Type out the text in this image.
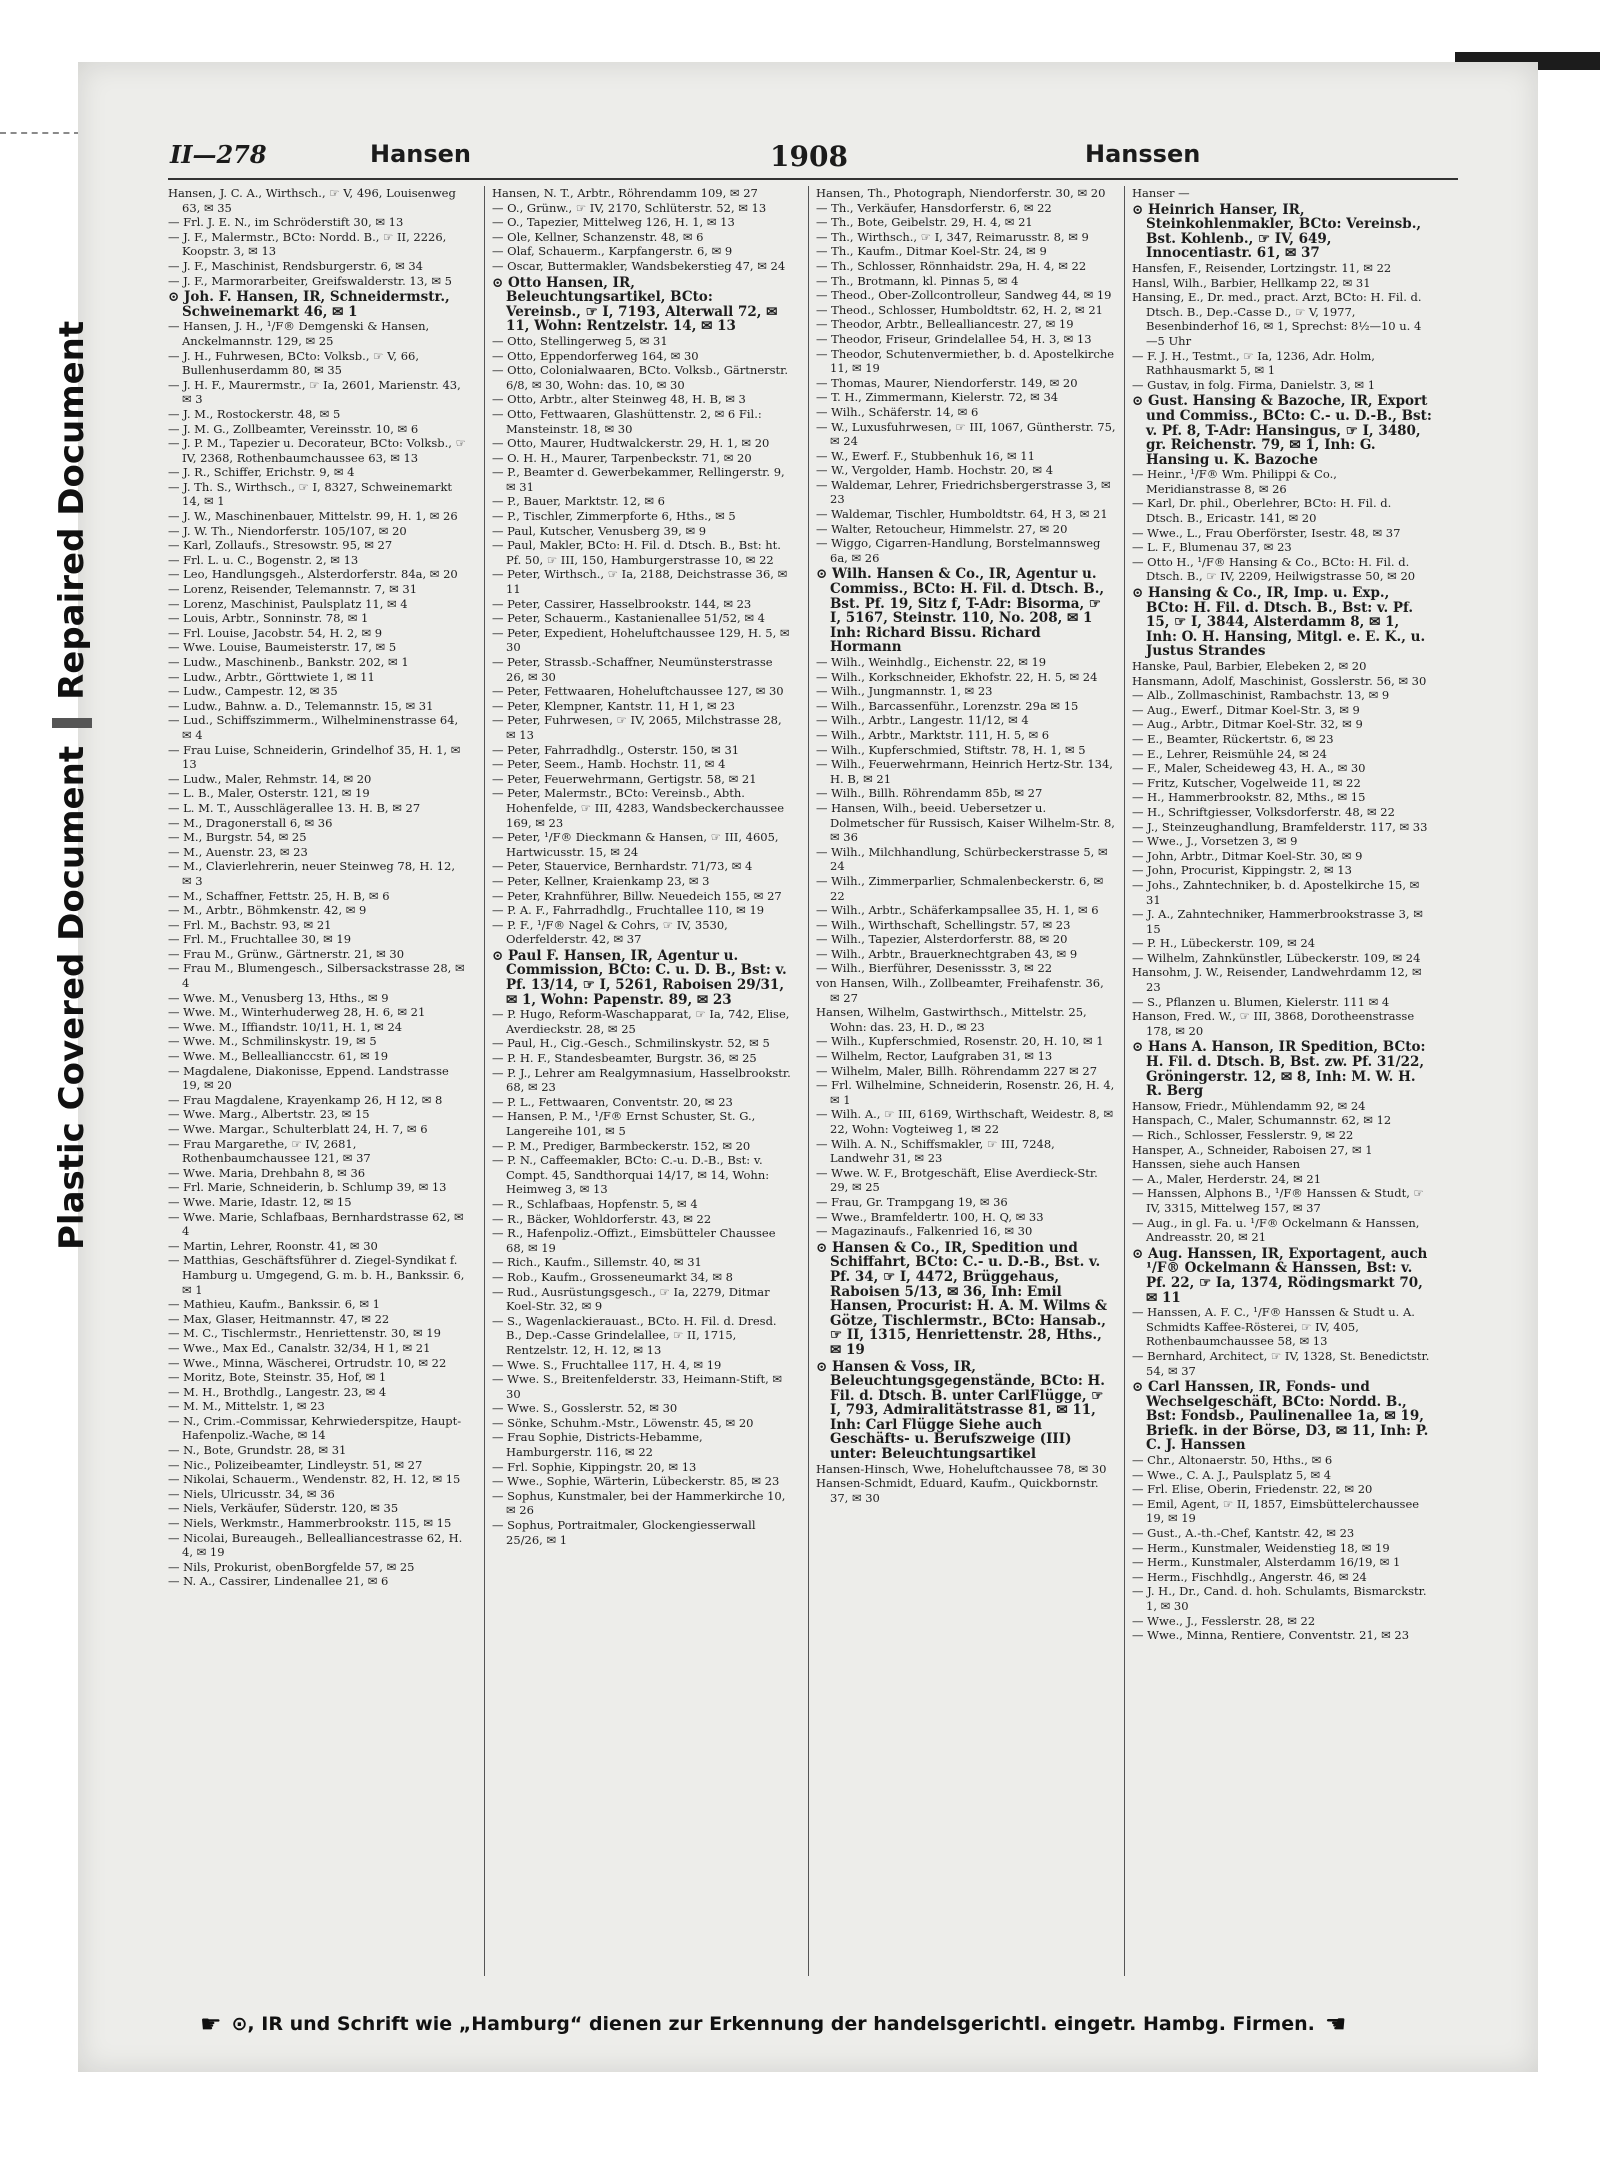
Plastic Covered Document
Repaired Document
II—278	Hansen	1908	Hanssen

Hansen, J. C. A., Wirthsch., ☞ V, 496, Louisenweg 63, ✉ 35

— Frl. J. E. N., im Schröderstift 30, ✉ 13

— J. F., Malermstr., BCto: Nordd. B., ☞ II, 2226, Koopstr. 3, ✉ 13

— J. F., Maschinist, Rendsburgerstr. 6, ✉ 34

— J. F., Marmorarbeiter, Greifswalderstr. 13, ✉ 5

⊙ Joh. F. Hansen, IR, Schneidermstr., Schweinemarkt 46, ✉ 1

— Hansen, J. H., ¹/F® Demgenski & Hansen, Anckelmannstr. 129, ✉ 25

— J. H., Fuhrwesen, BCto: Volksb., ☞ V, 66, Bullenhuserdamm 80, ✉ 35

— J. H. F., Maurermstr., ☞ Ia, 2601, Marienstr. 43, ✉ 3

— J. M., Rostockerstr. 48, ✉ 5

— J. M. G., Zollbeamter, Vereinsstr. 10, ✉ 6

— J. P. M., Tapezier u. Decorateur, BCto: Volksb., ☞ IV, 2368, Rothenbaumchaussee 63, ✉ 13

— J. R., Schiffer, Erichstr. 9, ✉ 4

— J. Th. S., Wirthsch., ☞ I, 8327, Schweinemarkt 14, ✉ 1

— J. W., Maschinenbauer, Mittelstr. 99, H. 1, ✉ 26

— J. W. Th., Niendorferstr. 105/107, ✉ 20

— Karl, Zollaufs., Stresowstr. 95, ✉ 27

— Frl. L. u. C., Bogenstr. 2, ✉ 13

— Leo, Handlungsgeh., Alsterdorferstr. 84a, ✉ 20

— Lorenz, Reisender, Telemannstr. 7, ✉ 31

— Lorenz, Maschinist, Paulsplatz 11, ✉ 4

— Louis, Arbtr., Sonninstr. 78, ✉ 1

— Frl. Louise, Jacobstr. 54, H. 2, ✉ 9

— Wwe. Louise, Baumeisterstr. 17, ✉ 5

— Ludw., Maschinenb., Bankstr. 202, ✉ 1

— Ludw., Arbtr., Görttwiete 1, ✉ 11

— Ludw., Campestr. 12, ✉ 35

— Ludw., Bahnw. a. D., Telemannstr. 15, ✉ 31

— Lud., Schiffszimmerm., Wilhelminenstrasse 64, ✉ 4

— Frau Luise, Schneiderin, Grindelhof 35, H. 1, ✉ 13

— Ludw., Maler, Rehmstr. 14, ✉ 20

— L. B., Maler, Osterstr. 121, ✉ 19

— L. M. T., Ausschlägerallee 13. H. B, ✉ 27

— M., Dragonerstall 6, ✉ 36

— M., Burgstr. 54, ✉ 25

— M., Auenstr. 23, ✉ 23

— M., Clavierlehrerin, neuer Steinweg 78, H. 12, ✉ 3

— M., Schaffner, Fettstr. 25, H. B, ✉ 6

— M., Arbtr., Böhmkenstr. 42, ✉ 9

— Frl. M., Bachstr. 93, ✉ 21

— Frl. M., Fruchtallee 30, ✉ 19

— Frau M., Grünw., Gärtnerstr. 21, ✉ 30

— Frau M., Blumengesch., Silbersackstrasse 28, ✉ 4

— Wwe. M., Venusberg 13, Hths., ✉ 9

— Wwe. M., Winterhuderweg 28, H. 6, ✉ 21

— Wwe. M., Iffiandstr. 10/11, H. 1, ✉ 24

— Wwe. M., Schmilinskystr. 19, ✉ 5

— Wwe. M., Belleallianccstr. 61, ✉ 19

— Magdalene, Diakonisse, Eppend. Landstrasse 19, ✉ 20

— Frau Magdalene, Krayenkamp 26, H 12, ✉ 8

— Wwe. Marg., Albertstr. 23, ✉ 15

— Wwe. Margar., Schulterblatt 24, H. 7, ✉ 6

— Frau Margarethe, ☞ IV, 2681, Rothenbaumchaussee 121, ✉ 37

— Wwe. Maria, Drehbahn 8, ✉ 36

— Frl. Marie, Schneiderin, b. Schlump 39, ✉ 13

— Wwe. Marie, Idastr. 12, ✉ 15

— Wwe. Marie, Schlafbaas, Bernhardstrasse 62, ✉ 4

— Martin, Lehrer, Roonstr. 41, ✉ 30

— Matthias, Geschäftsführer d. Ziegel-Syndikat f. Hamburg u. Umgegend, G. m. b. H., Bankssir. 6, ✉ 1

— Mathieu, Kaufm., Bankssir. 6, ✉ 1

— Max, Glaser, Heitmannstr. 47, ✉ 22

— M. C., Tischlermstr., Henriettenstr. 30, ✉ 19

— Wwe., Max Ed., Canalstr. 32/34, H 1, ✉ 21

— Wwe., Minna, Wäscherei, Ortrudstr. 10, ✉ 22

— Moritz, Bote, Steinstr. 35, Hof, ✉ 1

— M. H., Brothdlg., Langestr. 23, ✉ 4

— M. M., Mittelstr. 1, ✉ 23

— N., Crim.-Commissar, Kehrwiederspitze, Haupt-Hafenpoliz.-Wache, ✉ 14

— N., Bote, Grundstr. 28, ✉ 31

— Nic., Polizeibeamter, Lindleystr. 51, ✉ 27

— Nikolai, Schauerm., Wendenstr. 82, H. 12, ✉ 15

— Niels, Ulricusstr. 34, ✉ 36

— Niels, Verkäufer, Süderstr. 120, ✉ 35

— Niels, Werkmstr., Hammerbrookstr. 115, ✉ 15

— Nicolai, Bureaugeh., Bellealliancestrasse 62, H. 4, ✉ 19

— Nils, Prokurist, obenBorgfelde 57, ✉ 25

— N. A., Cassirer, Lindenallee 21, ✉ 6

Hansen, N. T., Arbtr., Röhrendamm 109, ✉ 27

— O., Grünw., ☞ IV, 2170, Schlüterstr. 52, ✉ 13

— O., Tapezier, Mittelweg 126, H. 1, ✉ 13

— Ole, Kellner, Schanzenstr. 48, ✉ 6

— Olaf, Schauerm., Karpfangerstr. 6, ✉ 9

— Oscar, Buttermakler, Wandsbekerstieg 47, ✉ 24

⊙ Otto Hansen, IR, Beleuchtungsartikel, BCto: Vereinsb., ☞ I, 7193, Alterwall 72, ✉ 11, Wohn: Rentzelstr. 14, ✉ 13

— Otto, Stellingerweg 5, ✉ 31

— Otto, Eppendorferweg 164, ✉ 30

— Otto, Colonialwaaren, BCto. Volksb., Gärtnerstr. 6/8, ✉ 30, Wohn: das. 10, ✉ 30

— Otto, Arbtr., alter Steinweg 48, H. B, ✉ 3

— Otto, Fettwaaren, Glashüttenstr. 2, ✉ 6 Fil.: Mansteinstr. 18, ✉ 30

— Otto, Maurer, Hudtwalckerstr. 29, H. 1, ✉ 20

— O. H. H., Maurer, Tarpenbeckstr. 71, ✉ 20

— P., Beamter d. Gewerbekammer, Rellingerstr. 9, ✉ 31

— P., Bauer, Marktstr. 12, ✉ 6

— P., Tischler, Zimmerpforte 6, Hths., ✉ 5

— Paul, Kutscher, Venusberg 39, ✉ 9

— Paul, Makler, BCto: H. Fil. d. Dtsch. B., Bst: ht. Pf. 50, ☞ III, 150, Hamburgerstrasse 10, ✉ 22

— Peter, Wirthsch., ☞ Ia, 2188, Deichstrasse 36, ✉ 11

— Peter, Cassirer, Hasselbrookstr. 144, ✉ 23

— Peter, Schauerm., Kastanienallee 51/52, ✉ 4

— Peter, Expedient, Hoheluftchaussee 129, H. 5, ✉ 30

— Peter, Strassb.-Schaffner, Neumünsterstrasse 26, ✉ 30

— Peter, Fettwaaren, Hoheluftchaussee 127, ✉ 30

— Peter, Klempner, Kantstr. 11, H 1, ✉ 23

— Peter, Fuhrwesen, ☞ IV, 2065, Milchstrasse 28, ✉ 13

— Peter, Fahrradhdlg., Osterstr. 150, ✉ 31

— Peter, Seem., Hamb. Hochstr. 11, ✉ 4

— Peter, Feuerwehrmann, Gertigstr. 58, ✉ 21

— Peter, Malermstr., BCto: Vereinsb., Abth. Hohenfelde, ☞ III, 4283, Wandsbeckerchaussee 169, ✉ 23

— Peter, ¹/F® Dieckmann & Hansen, ☞ III, 4605, Hartwicusstr. 15, ✉ 24

— Peter, Stauervice, Bernhardstr. 71/73, ✉ 4

— Peter, Kellner, Kraienkamp 23, ✉ 3

— Peter, Krahnführer, Billw. Neuedeich 155, ✉ 27

— P. A. F., Fahrradhdlg., Fruchtallee 110, ✉ 19

— P. F., ¹/F® Nagel & Cohrs, ☞ IV, 3530, Oderfelderstr. 42, ✉ 37

⊙ Paul F. Hansen, IR, Agentur u. Commission, BCto: C. u. D. B., Bst: v. Pf. 13/14, ☞ I, 5261, Raboisen 29/31, ✉ 1, Wohn: Papenstr. 89, ✉ 23

— P. Hugo, Reform-Waschapparat, ☞ Ia, 742, Elise, Averdieckstr. 28, ✉ 25

— Paul, H., Cig.-Gesch., Schmilinskystr. 52, ✉ 5

— P. H. F., Standesbeamter, Burgstr. 36, ✉ 25

— P. J., Lehrer am Realgymnasium, Hasselbrookstr. 68, ✉ 23

— P. L., Fettwaaren, Conventstr. 20, ✉ 23

— Hansen, P. M., ¹/F® Ernst Schuster, St. G., Langereihe 101, ✉ 5

— P. M., Prediger, Barmbeckerstr. 152, ✉ 20

— P. N., Caffeemakler, BCto: C.-u. D.-B., Bst: v. Compt. 45, Sandthorquai 14/17, ✉ 14, Wohn: Heimweg 3, ✉ 13

— R., Schlafbaas, Hopfenstr. 5, ✉ 4

— R., Bäcker, Wohldorferstr. 43, ✉ 22

— R., Hafenpoliz.-Offizt., Eimsbütteler Chaussee 68, ✉ 19

— Rich., Kaufm., Sillemstr. 40, ✉ 31

— Rob., Kaufm., Grosseneumarkt 34, ✉ 8

— Rud., Ausrüstungsgesch., ☞ Ia, 2279, Ditmar Koel-Str. 32, ✉ 9

— S., Wagenlackierauast., BCto. H. Fil. d. Dresd. B., Dep.-Casse Grindelallee, ☞ II, 1715, Rentzelstr. 12, H. 12, ✉ 13

— Wwe. S., Fruchtallee 117, H. 4, ✉ 19

— Wwe. S., Breitenfelderstr. 33, Heimann-Stift, ✉ 30

— Wwe. S., Gosslerstr. 52, ✉ 30

— Sönke, Schuhm.-Mstr., Löwenstr. 45, ✉ 20

— Frau Sophie, Districts-Hebamme, Hamburgerstr. 116, ✉ 22

— Frl. Sophie, Kippingstr. 20, ✉ 13

— Wwe., Sophie, Wärterin, Lübeckerstr. 85, ✉ 23

— Sophus, Kunstmaler, bei der Hammerkirche 10, ✉ 26

— Sophus, Portraitmaler, Glockengiesserwall 25/26, ✉ 1

Hansen, Th., Photograph, Niendorferstr. 30, ✉ 20

— Th., Verkäufer, Hansdorferstr. 6, ✉ 22

— Th., Bote, Geibelstr. 29, H. 4, ✉ 21

— Th., Wirthsch., ☞ I, 347, Reimarusstr. 8, ✉ 9

— Th., Kaufm., Ditmar Koel-Str. 24, ✉ 9

— Th., Schlosser, Rönnhaidstr. 29a, H. 4, ✉ 22

— Th., Brotmann, kl. Pinnas 5, ✉ 4

— Theod., Ober-Zollcontrolleur, Sandweg 44, ✉ 19

— Theod., Schlosser, Humboldtstr. 62, H. 2, ✉ 21

— Theodor, Arbtr., Bellealliancestr. 27, ✉ 19

— Theodor, Friseur, Grindelallee 54, H. 3, ✉ 13

— Theodor, Schutenvermiether, b. d. Apostelkirche 11, ✉ 19

— Thomas, Maurer, Niendorferstr. 149, ✉ 20

— T. H., Zimmermann, Kielerstr. 72, ✉ 34

— Wilh., Schäferstr. 14, ✉ 6

— W., Luxusfuhrwesen, ☞ III, 1067, Güntherstr. 75, ✉ 24

— W., Ewerf. F., Stubbenhuk 16, ✉ 11

— W., Vergolder, Hamb. Hochstr. 20, ✉ 4

— Waldemar, Lehrer, Friedrichsbergerstrasse 3, ✉ 23

— Waldemar, Tischler, Humboldtstr. 64, H 3, ✉ 21

— Walter, Retoucheur, Himmelstr. 27, ✉ 20

— Wiggo, Cigarren-Handlung, Borstelmannsweg 6a, ✉ 26

⊙ Wilh. Hansen & Co., IR, Agentur u. Commiss., BCto: H. Fil. d. Dtsch. B., Bst. Pf. 19, Sitz f, T-Adr: Bisorma, ☞ I, 5167, Steinstr. 110, No. 208, ✉ 1 Inh: Richard Bissu. Richard Hormann

— Wilh., Weinhdlg., Eichenstr. 22, ✉ 19

— Wilh., Korkschneider, Ekhofstr. 22, H. 5, ✉ 24

— Wilh., Jungmannstr. 1, ✉ 23

— Wilh., Barcassenführ., Lorenzstr. 29a ✉ 15

— Wilh., Arbtr., Langestr. 11/12, ✉ 4

— Wilh., Arbtr., Marktstr. 111, H. 5, ✉ 6

— Wilh., Kupferschmied, Stiftstr. 78, H. 1, ✉ 5

— Wilh., Feuerwehrmann, Heinrich Hertz-Str. 134, H. B, ✉ 21

— Wilh., Billh. Röhrendamm 85b, ✉ 27

— Hansen, Wilh., beeid. Uebersetzer u. Dolmetscher für Russisch, Kaiser Wilhelm-Str. 8, ✉ 36

— Wilh., Milchhandlung, Schürbeckerstrasse 5, ✉ 24

— Wilh., Zimmerparlier, Schmalenbeckerstr. 6, ✉ 22

— Wilh., Arbtr., Schäferkampsallee 35, H. 1, ✉ 6

— Wilh., Wirthschaft, Schellingstr. 57, ✉ 23

— Wilh., Tapezier, Alsterdorferstr. 88, ✉ 20

— Wilh., Arbtr., Brauerknechtgraben 43, ✉ 9

— Wilh., Bierführer, Desenissstr. 3, ✉ 22

von Hansen, Wilh., Zollbeamter, Freihafenstr. 36, ✉ 27

Hansen, Wilhelm, Gastwirthsch., Mittelstr. 25, Wohn: das. 23, H. D., ✉ 23

— Wilh., Kupferschmied, Rosenstr. 20, H. 10, ✉ 1

— Wilhelm, Rector, Laufgraben 31, ✉ 13

— Wilhelm, Maler, Billh. Röhrendamm 227 ✉ 27

— Frl. Wilhelmine, Schneiderin, Rosenstr. 26, H. 4, ✉ 1

— Wilh. A., ☞ III, 6169, Wirthschaft, Weidestr. 8, ✉ 22, Wohn: Vogteiweg 1, ✉ 22

— Wilh. A. N., Schiffsmakler, ☞ III, 7248, Landwehr 31, ✉ 23

— Wwe. W. F., Brotgeschäft, Elise Averdieck-Str. 29, ✉ 25

— Frau, Gr. Trampgang 19, ✉ 36

— Wwe., Bramfeldertr. 100, H. Q, ✉ 33

— Magazinaufs., Falkenried 16, ✉ 30

⊙ Hansen & Co., IR, Spedition und Schiffahrt, BCto: C.- u. D.-B., Bst. v. Pf. 34, ☞ I, 4472, Brüggehaus, Raboisen 5/13, ✉ 36, Inh: Emil Hansen, Procurist: H. A. M. Wilms & Götze, Tischlermstr., BCto: Hansab., ☞ II, 1315, Henriettenstr. 28, Hths., ✉ 19

⊙ Hansen & Voss, IR, Beleuchtungsgegenstände, BCto: H. Fil. d. Dtsch. B. unter CarlFlügge, ☞ I, 793, Admiralitätstrasse 81, ✉ 11, Inh: Carl Flügge Siehe auch Geschäfts- u. Berufszweige (III) unter: Beleuchtungsartikel

Hansen-Hinsch, Wwe, Hoheluftchaussee 78, ✉ 30

Hansen-Schmidt, Eduard, Kaufm., Quickbornstr. 37, ✉ 30

Hanser —

⊙ Heinrich Hanser, IR, Steinkohlenmakler, BCto: Vereinsb., Bst. Kohlenb., ☞ IV, 649, Innocentiastr. 61, ✉ 37

Hansfen, F., Reisender, Lortzingstr. 11, ✉ 22

Hansl, Wilh., Barbier, Hellkamp 22, ✉ 31

Hansing, E., Dr. med., pract. Arzt, BCto: H. Fil. d. Dtsch. B., Dep.-Casse D., ☞ V, 1977, Besenbinderhof 16, ✉ 1, Sprechst: 8½—10 u. 4—5 Uhr

— F. J. H., Testmt., ☞ Ia, 1236, Adr. Holm, Rathhausmarkt 5, ✉ 1

— Gustav, in folg. Firma, Danielstr. 3, ✉ 1

⊙ Gust. Hansing & Bazoche, IR, Export und Commiss., BCto: C.- u. D.-B., Bst: v. Pf. 8, T-Adr: Hansingus, ☞ I, 3480, gr. Reichenstr. 79, ✉ 1, Inh: G. Hansing u. K. Bazoche

— Heinr., ¹/F® Wm. Philippi & Co., Meridianstrasse 8, ✉ 26

— Karl, Dr. phil., Oberlehrer, BCto: H. Fil. d. Dtsch. B., Ericastr. 141, ✉ 20

— Wwe., L., Frau Oberförster, Isestr. 48, ✉ 37

— L. F., Blumenau 37, ✉ 23

— Otto H., ¹/F® Hansing & Co., BCto: H. Fil. d. Dtsch. B., ☞ IV, 2209, Heilwigstrasse 50, ✉ 20

⊙ Hansing & Co., IR, Imp. u. Exp., BCto: H. Fil. d. Dtsch. B., Bst: v. Pf. 15, ☞ I, 3844, Alsterdamm 8, ✉ 1, Inh: O. H. Hansing, Mitgl. e. E. K., u. Justus Strandes

Hanske, Paul, Barbier, Elebeken 2, ✉ 20

Hansmann, Adolf, Maschinist, Gosslerstr. 56, ✉ 30

— Alb., Zollmaschinist, Rambachstr. 13, ✉ 9

— Aug., Ewerf., Ditmar Koel-Str. 3, ✉ 9

— Aug., Arbtr., Ditmar Koel-Str. 32, ✉ 9

— E., Beamter, Rückertstr. 6, ✉ 23

— E., Lehrer, Reismühle 24, ✉ 24

— F., Maler, Scheideweg 43, H. A., ✉ 30

— Fritz, Kutscher, Vogelweide 11, ✉ 22

— H., Hammerbrookstr. 82, Mths., ✉ 15

— H., Schriftgiesser, Volksdorferstr. 48, ✉ 22

— J., Steinzeughandlung, Bramfelderstr. 117, ✉ 33

— Wwe., J., Vorsetzen 3, ✉ 9

— John, Arbtr., Ditmar Koel-Str. 30, ✉ 9

— John, Procurist, Kippingstr. 2, ✉ 13

— Johs., Zahntechniker, b. d. Apostelkirche 15, ✉ 31

— J. A., Zahntechniker, Hammerbrookstrasse 3, ✉ 15

— P. H., Lübeckerstr. 109, ✉ 24

— Wilhelm, Zahnkünstler, Lübeckerstr. 109, ✉ 24

Hansohm, J. W., Reisender, Landwehrdamm 12, ✉ 23

— S., Pflanzen u. Blumen, Kielerstr. 111 ✉ 4

Hanson, Fred. W., ☞ III, 3868, Dorotheenstrasse 178, ✉ 20

⊙ Hans A. Hanson, IR Spedition, BCto: H. Fil. d. Dtsch. B, Bst. zw. Pf. 31/22, Gröningerstr. 12, ✉ 8, Inh: M. W. H. R. Berg

Hansow, Friedr., Mühlendamm 92, ✉ 24

Hanspach, C., Maler, Schumannstr. 62, ✉ 12

— Rich., Schlosser, Fesslerstr. 9, ✉ 22

Hansper, A., Schneider, Raboisen 27, ✉ 1

Hanssen, siehe auch Hansen

— A., Maler, Herderstr. 24, ✉ 21

— Hanssen, Alphons B., ¹/F® Hanssen & Studt, ☞ IV, 3315, Mittelweg 157, ✉ 37

— Aug., in gl. Fa. u. ¹/F® Ockelmann & Hanssen, Andreasstr. 20, ✉ 21

⊙ Aug. Hanssen, IR, Exportagent, auch ¹/F® Ockelmann & Hanssen, Bst: v. Pf. 22, ☞ Ia, 1374, Rödingsmarkt 70, ✉ 11

— Hanssen, A. F. C., ¹/F® Hanssen & Studt u. A. Schmidts Kaffee-Rösterei, ☞ IV, 405, Rothenbaumchaussee 58, ✉ 13

— Bernhard, Architect, ☞ IV, 1328, St. Benedictstr. 54, ✉ 37

⊙ Carl Hanssen, IR, Fonds- und Wechselgeschäft, BCto: Nordd. B., Bst: Fondsb., Paulinenallee 1a, ✉ 19, Briefk. in der Börse, D3, ✉ 11, Inh: P. C. J. Hanssen

— Chr., Altonaerstr. 50, Hths., ✉ 6

— Wwe., C. A. J., Paulsplatz 5, ✉ 4

— Frl. Elise, Oberin, Friedenstr. 22, ✉ 20

— Emil, Agent, ☞ II, 1857, Eimsbüttelerchaussee 19, ✉ 19

— Gust., A.-th.-Chef, Kantstr. 42, ✉ 23

— Herm., Kunstmaler, Weidenstieg 18, ✉ 19

— Herm., Kunstmaler, Alsterdamm 16/19, ✉ 1

— Herm., Fischhdlg., Angerstr. 46, ✉ 24

— J. H., Dr., Cand. d. hoh. Schulamts, Bismarckstr. 1, ✉ 30

— Wwe., J., Fesslerstr. 28, ✉ 22

— Wwe., Minna, Rentiere, Conventstr. 21, ✉ 23

☛ ⊙, IR und Schrift wie „Hamburg“ dienen zur Erkennung der handelsgerichtl. eingetr. Hambg. Firmen. ☚
